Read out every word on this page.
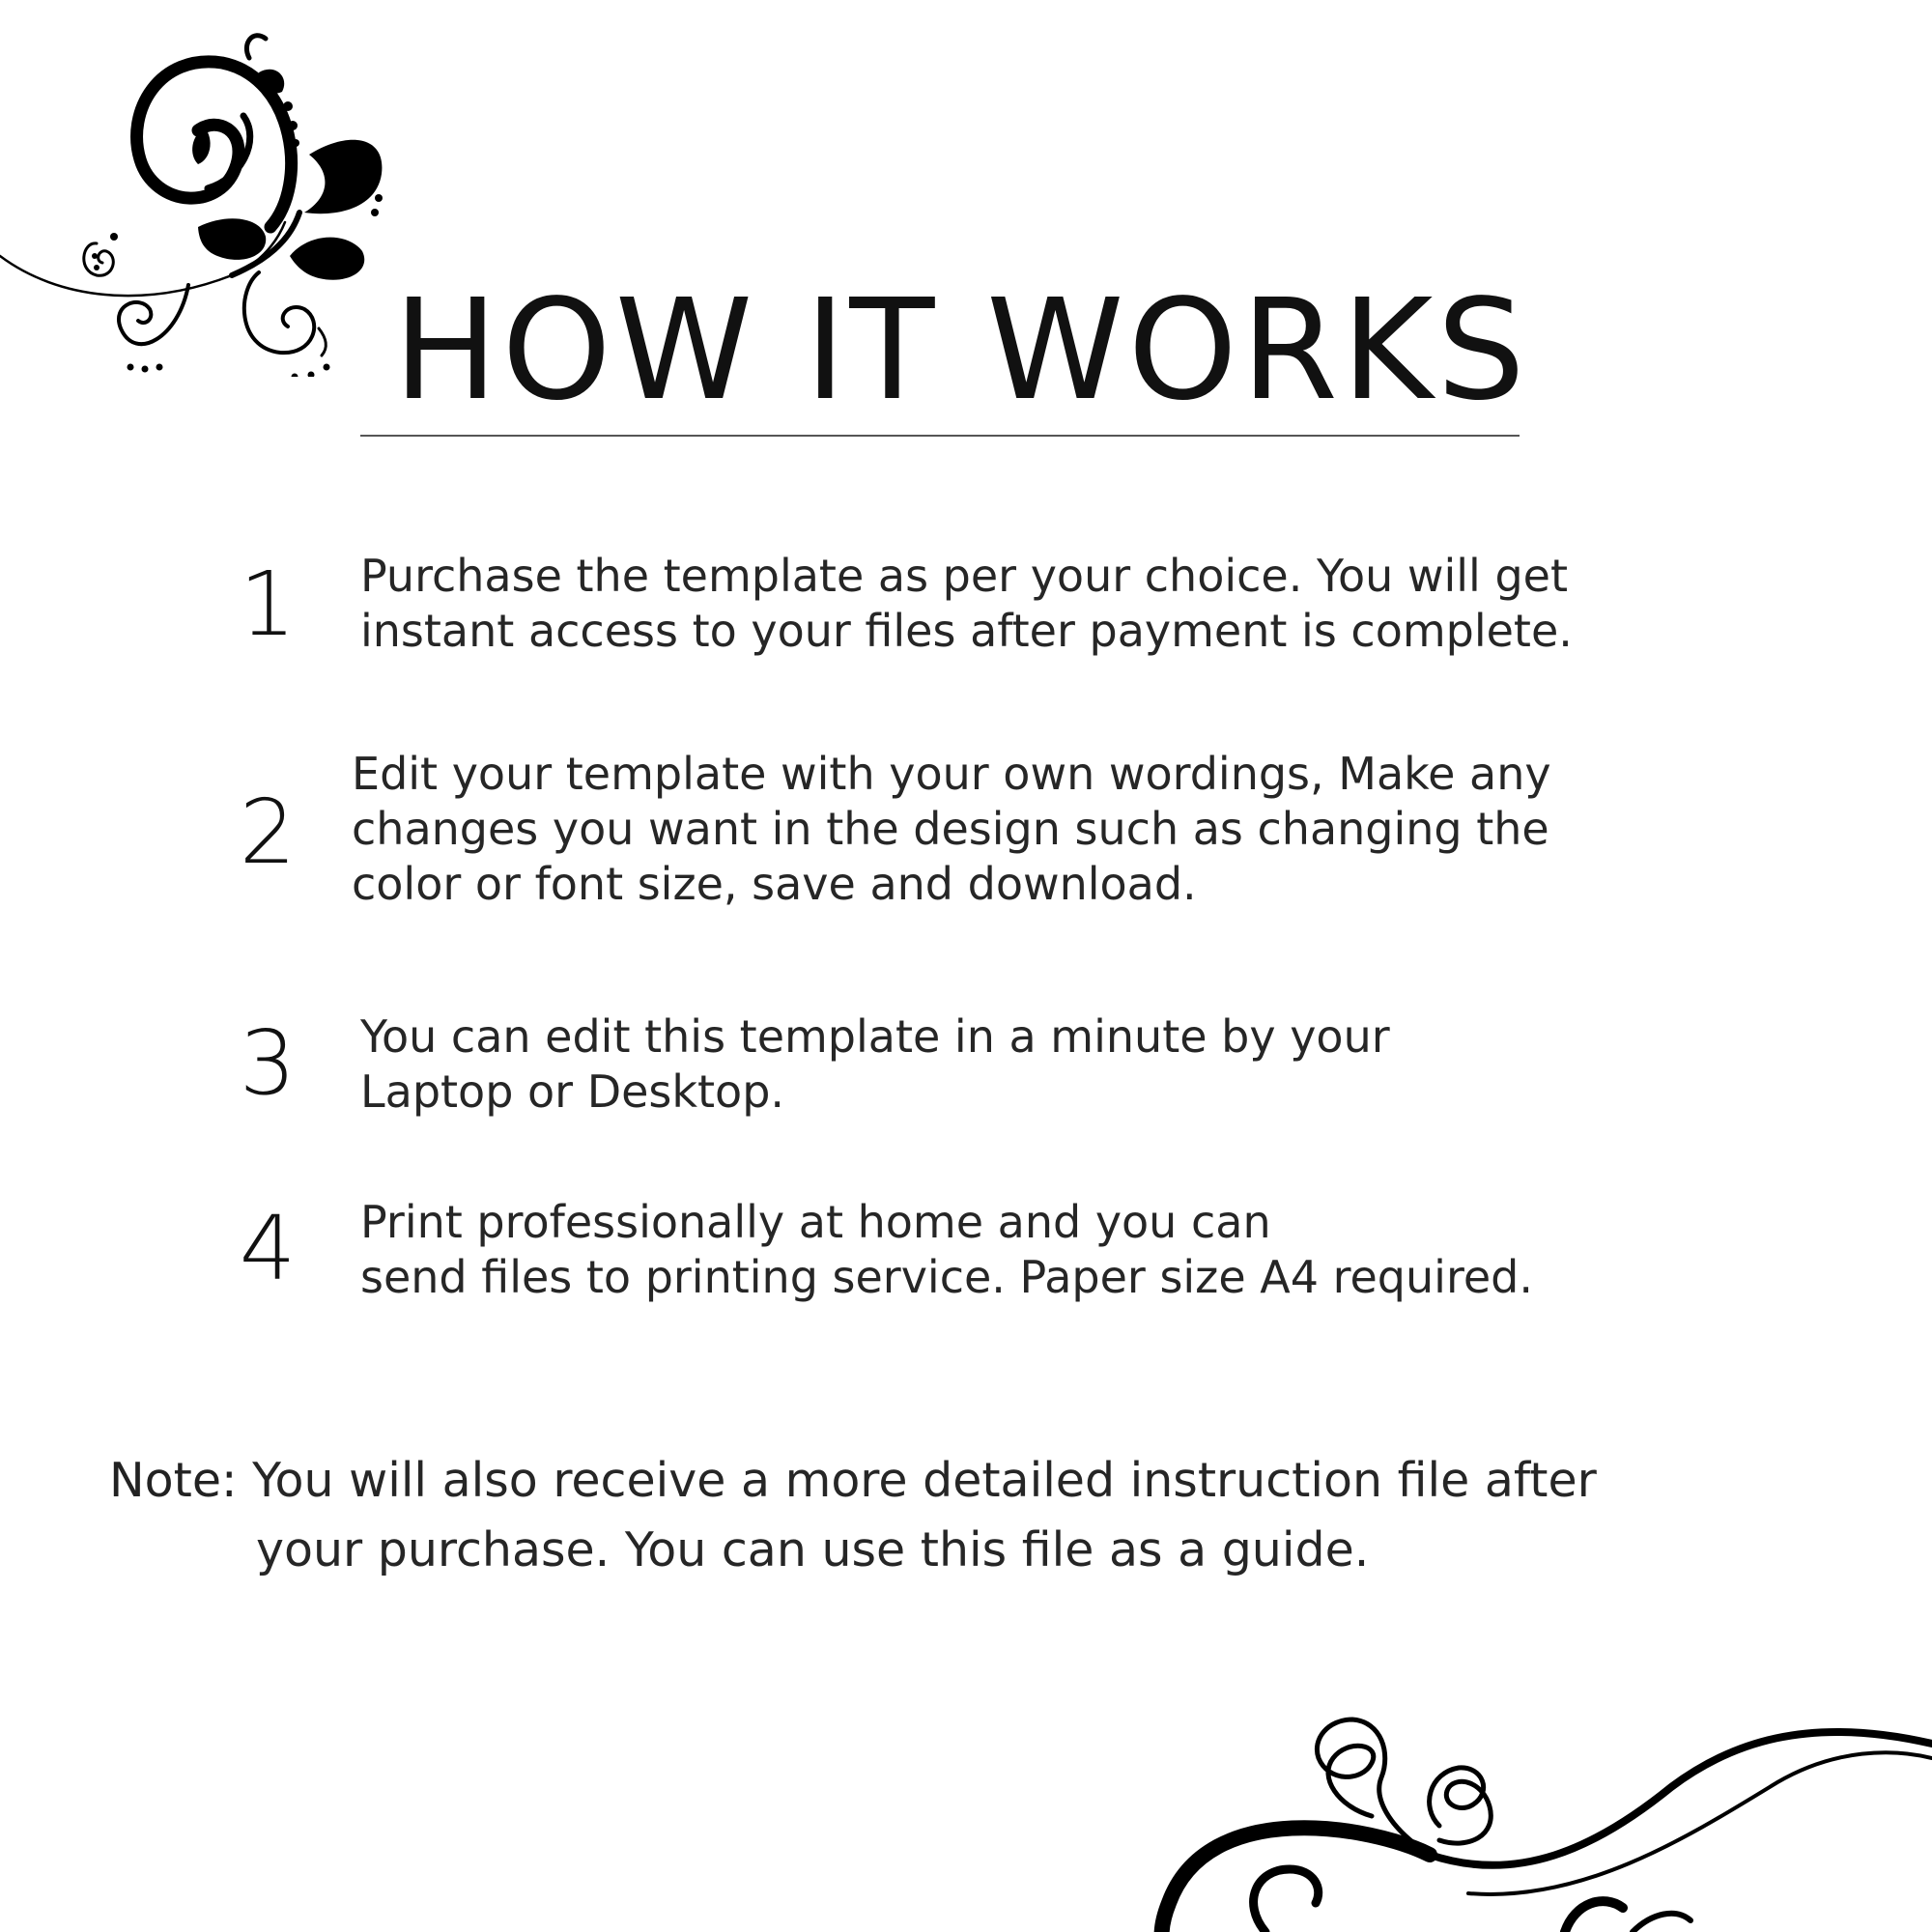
HOW IT WORKS
1 Purchase the template as per your choice. You will get
instant access to your files after payment is complete.
2
Edit your template with your own wordings, Make any
changes you want in the design such as changing the
color or font size, save and download.
3 You can edit this template in a minute by your
Laptop or Desktop.
4 Print professionally at home and you can
send files to printing service. Paper size A4 required.
Note: You will also receive a more detailed instruction file after
your purchase. You can use this file as a guide.
